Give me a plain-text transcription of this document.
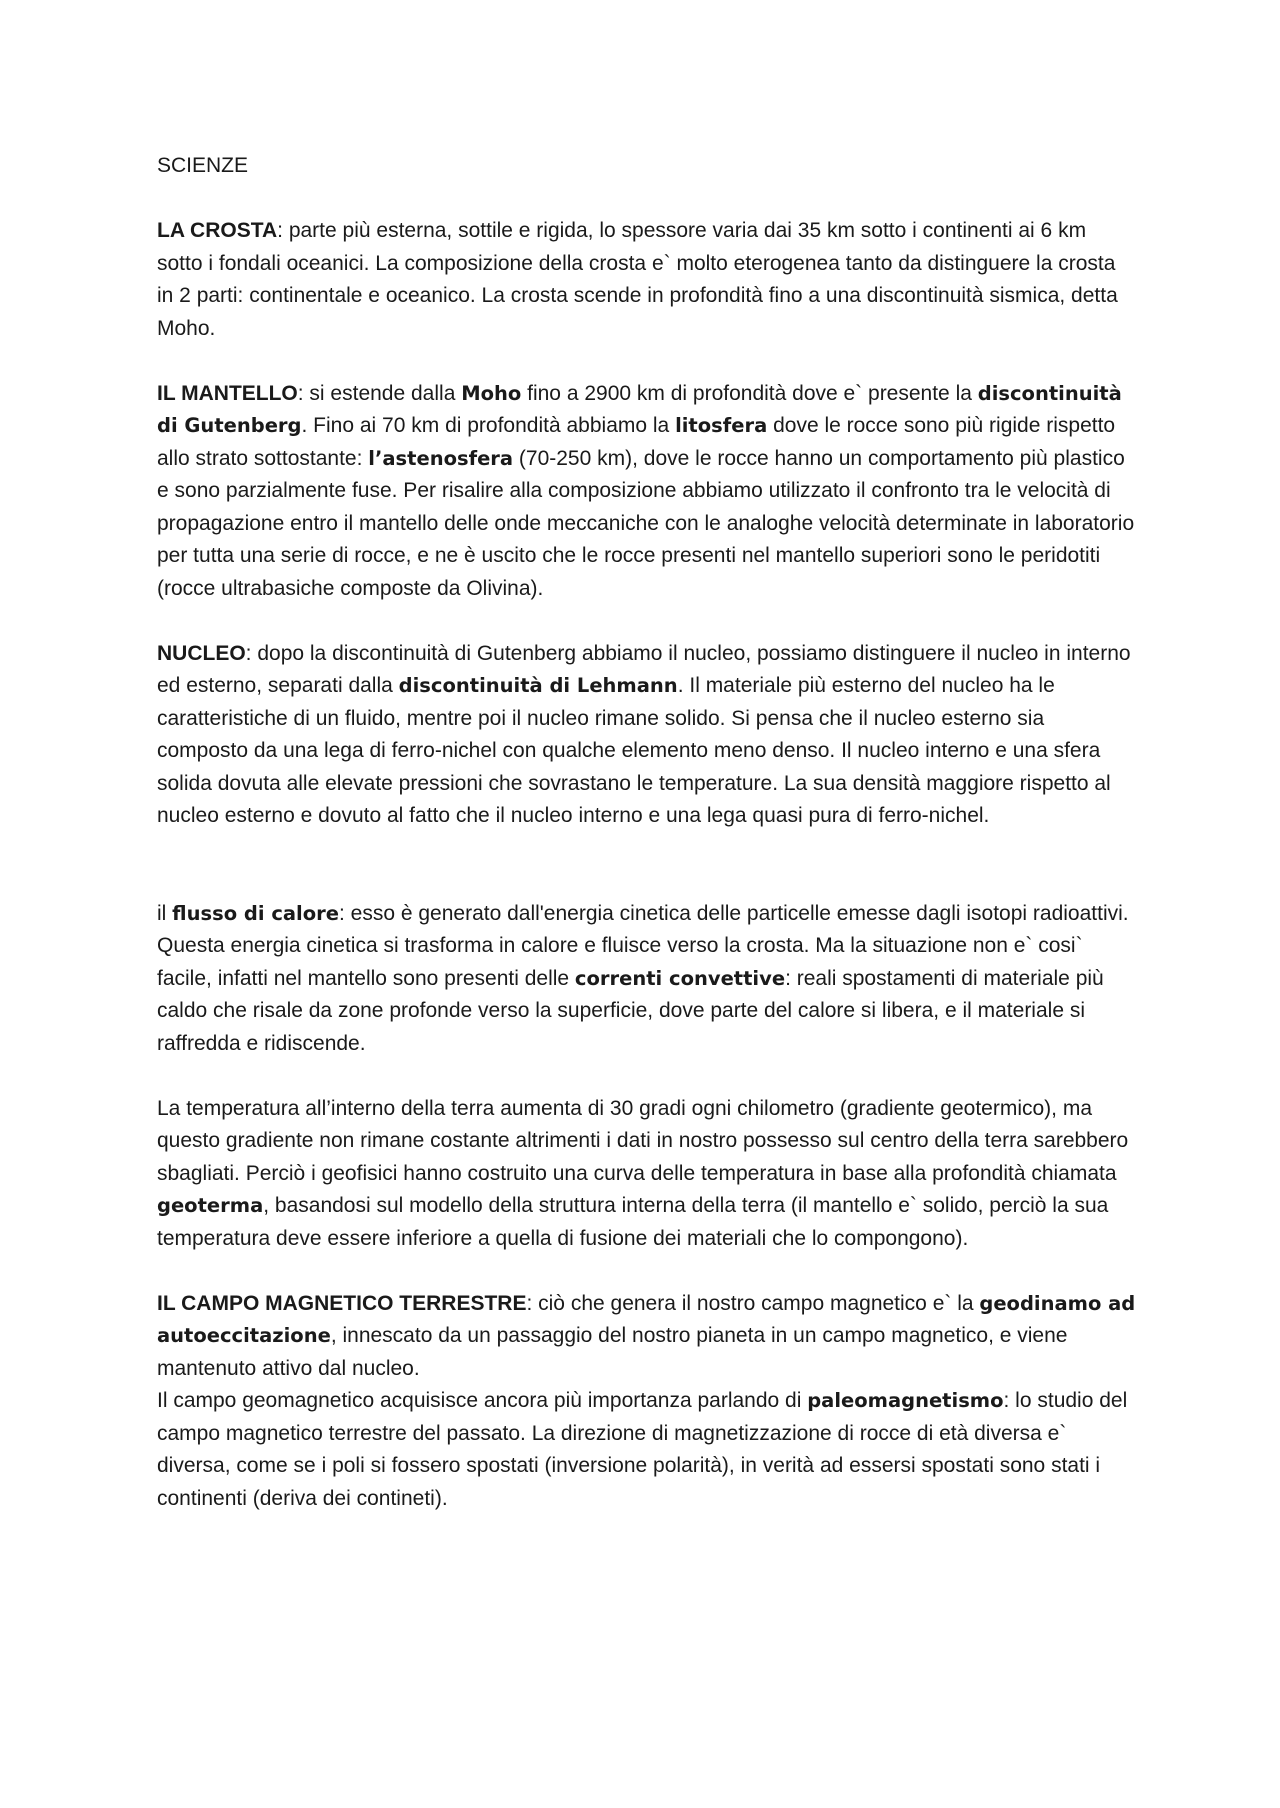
SCIENZE

LA CROSTA: parte più esterna, sottile e rigida, lo spessore varia dai 35 km sotto i continenti ai 6 km sotto i fondali oceanici. La composizione della crosta e` molto eterogenea tanto da distinguere la crosta in 2 parti: continentale e oceanico. La crosta scende in profondità fino a una discontinuità sismica, detta Moho.

IL MANTELLO: si estende dalla Moho fino a 2900 km di profondità dove e` presente la discontinuità di Gutenberg. Fino ai 70 km di profondità abbiamo la litosfera dove le rocce sono più rigide rispetto allo strato sottostante: l’astenosfera (70-250 km), dove le rocce hanno un comportamento più plastico e sono parzialmente fuse. Per risalire alla composizione abbiamo utilizzato il confronto tra le velocità di propagazione entro il mantello delle onde meccaniche con le analoghe velocità determinate in laboratorio per tutta una serie di rocce, e ne è uscito che le rocce presenti nel mantello superiori sono le peridotiti (rocce ultrabasiche composte da Olivina).

NUCLEO: dopo la discontinuità di Gutenberg abbiamo il nucleo, possiamo distinguere il nucleo in interno ed esterno, separati dalla discontinuità di Lehmann. Il materiale più esterno del nucleo ha le caratteristiche di un fluido, mentre poi il nucleo rimane solido. Si pensa che il nucleo esterno sia composto da una lega di ferro-nichel con qualche elemento meno denso. Il nucleo interno e una sfera solida dovuta alle elevate pressioni che sovrastano le temperature. La sua densità maggiore rispetto al nucleo esterno e dovuto al fatto che il nucleo interno e una lega quasi pura di ferro-nichel.

il flusso di calore: esso è generato dall'energia cinetica delle particelle emesse dagli isotopi radioattivi. Questa energia cinetica si trasforma in calore e fluisce verso la crosta. Ma la situazione non e` cosi` facile, infatti nel mantello sono presenti delle correnti convettive: reali spostamenti di materiale più caldo che risale da zone profonde verso la superficie, dove parte del calore si libera, e il materiale si raffredda e ridiscende.

La temperatura all’interno della terra aumenta di 30 gradi ogni chilometro (gradiente geotermico), ma questo gradiente non rimane costante altrimenti i dati in nostro possesso sul centro della terra sarebbero sbagliati. Perciò i geofisici hanno costruito una curva delle temperatura in base alla profondità chiamata geoterma, basandosi sul modello della struttura interna della terra (il mantello e` solido, perciò la sua temperatura deve essere inferiore a quella di fusione dei materiali che lo compongono).

IL CAMPO MAGNETICO TERRESTRE: ciò che genera il nostro campo magnetico e` la geodinamo ad autoeccitazione, innescato da un passaggio del nostro pianeta in un campo magnetico, e viene mantenuto attivo dal nucleo.

Il campo geomagnetico acquisisce ancora più importanza parlando di paleomagnetismo: lo studio del campo magnetico terrestre del passato. La direzione di magnetizzazione di rocce di età diversa e` diversa, come se i poli si fossero spostati (inversione polarità), in verità ad essersi spostati sono stati i continenti (deriva dei contineti).
